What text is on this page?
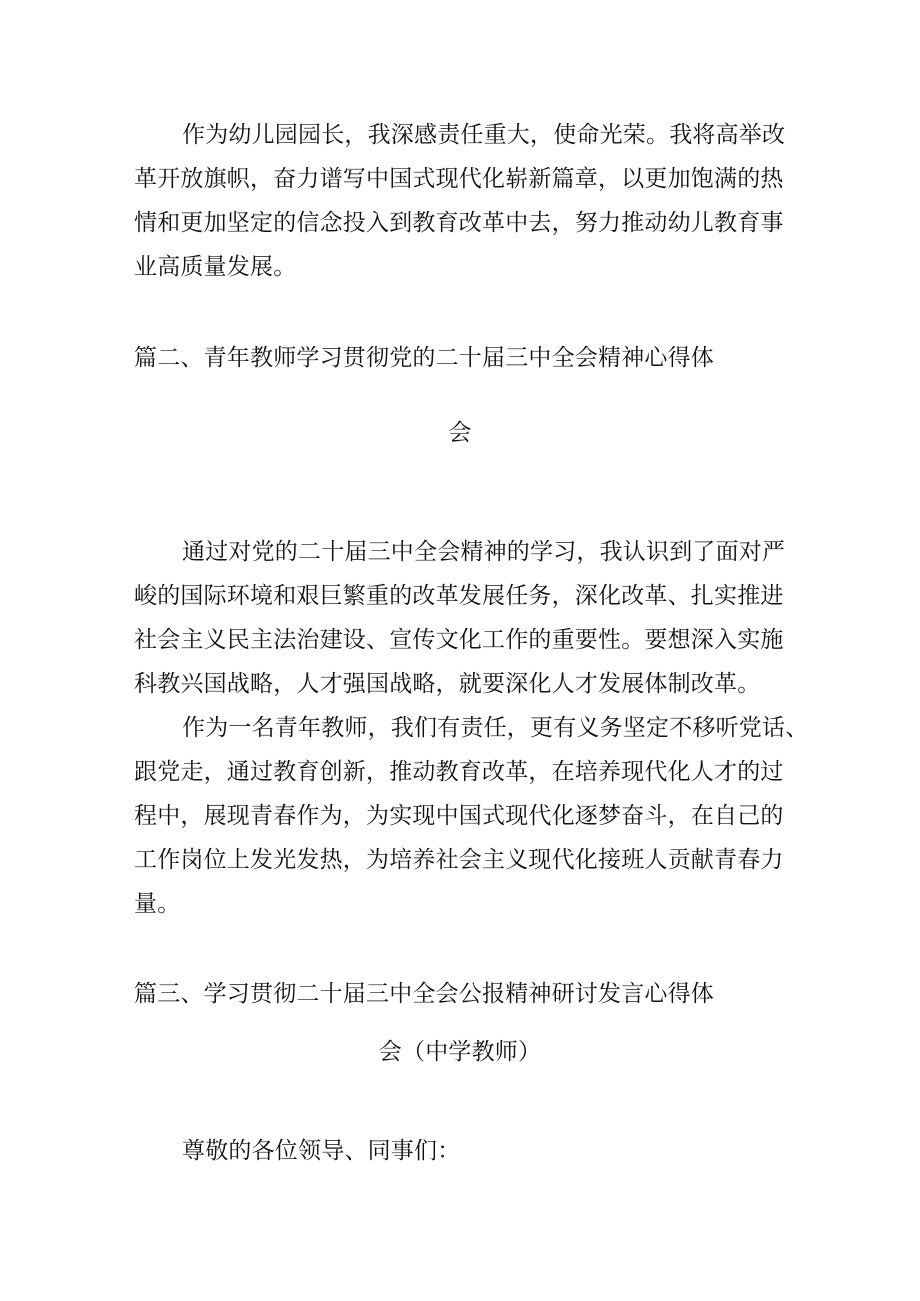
作为幼儿园园长，我深感责任重大，使命光荣。我将高举改
革开放旗帜，奋力谱写中国式现代化崭新篇章，以更加饱满的热
情和更加坚定的信念投入到教育改革中去，努力推动幼儿教育事
业高质量发展。
篇二、青年教师学习贯彻党的二十届三中全会精神心得体
会
通过对党的二十届三中全会精神的学习，我认识到了面对严
峻的国际环境和艰巨繁重的改革发展任务，深化改革、扎实推进
社会主义民主法治建设、宣传文化工作的重要性。要想深入实施
科教兴国战略，人才强国战略，就要深化人才发展体制改革。
作为一名青年教师，我们有责任，更有义务坚定不移听党话、
跟党走，通过教育创新，推动教育改革，在培养现代化人才的过
程中，展现青春作为，为实现中国式现代化逐梦奋斗，在自己的
工作岗位上发光发热，为培养社会主义现代化接班人贡献青春力
量。
篇三、学习贯彻二十届三中全会公报精神研讨发言心得体
会（中学教师）
尊敬的各位领导、同事们：
